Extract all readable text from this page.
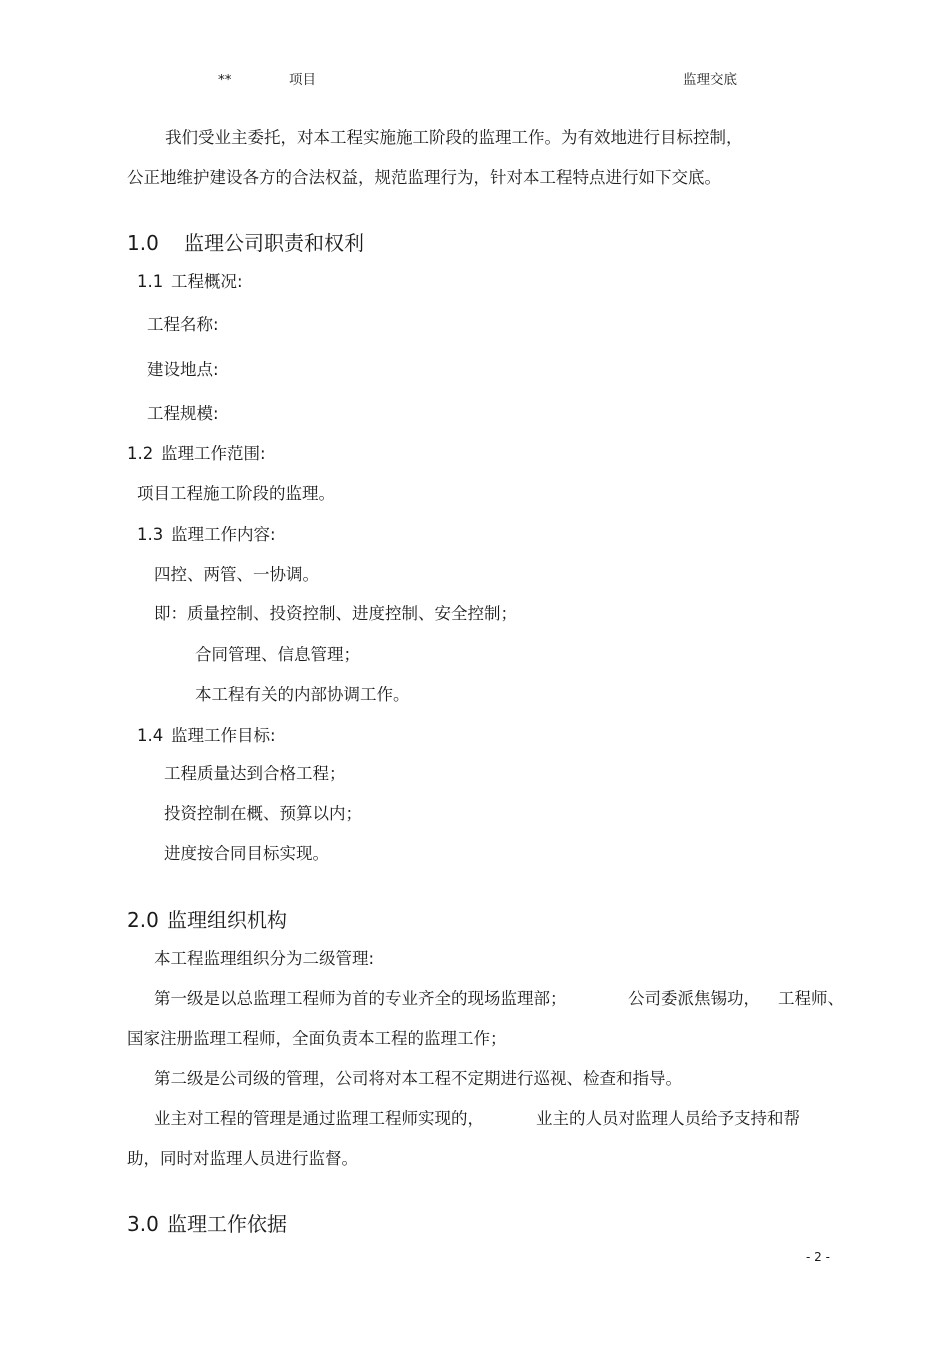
**	项目	监理交底
我们受业主委托，对本工程实施施工阶段的监理工作。为有效地进行目标控制，
公正地维护建设各方的合法权益，规范监理行为，针对本工程特点进行如下交底。
1.0 监理公司职责和权利
1.1 工程概况:
工程名称:
建设地点:
工程规模:
1.2 监理工作范围:
项目工程施工阶段的监理。
1.3 监理工作内容:
四控、两管、一协调。
即：质量控制、投资控制、进度控制、安全控制；
合同管理、信息管理；
本工程有关的内部协调工作。
1.4 监理工作目标:
工程质量达到合格工程；
投资控制在概、预算以内；
进度按合同目标实现。
2.0 监理组织机构
本工程监理组织分为二级管理:
第一级是以总监理工程师为首的专业齐全的现场监理部；	公司委派焦锡功， 工程师、
国家注册监理工程师，全面负责本工程的监理工作；
第二级是公司级的管理，公司将对本工程不定期进行巡视、检查和指导。
业主对工程的管理是通过监理工程师实现的，	业主的人员对监理人员给予支持和帮
助，同时对监理人员进行监督。
3.0 监理工作依据
- 2 -
